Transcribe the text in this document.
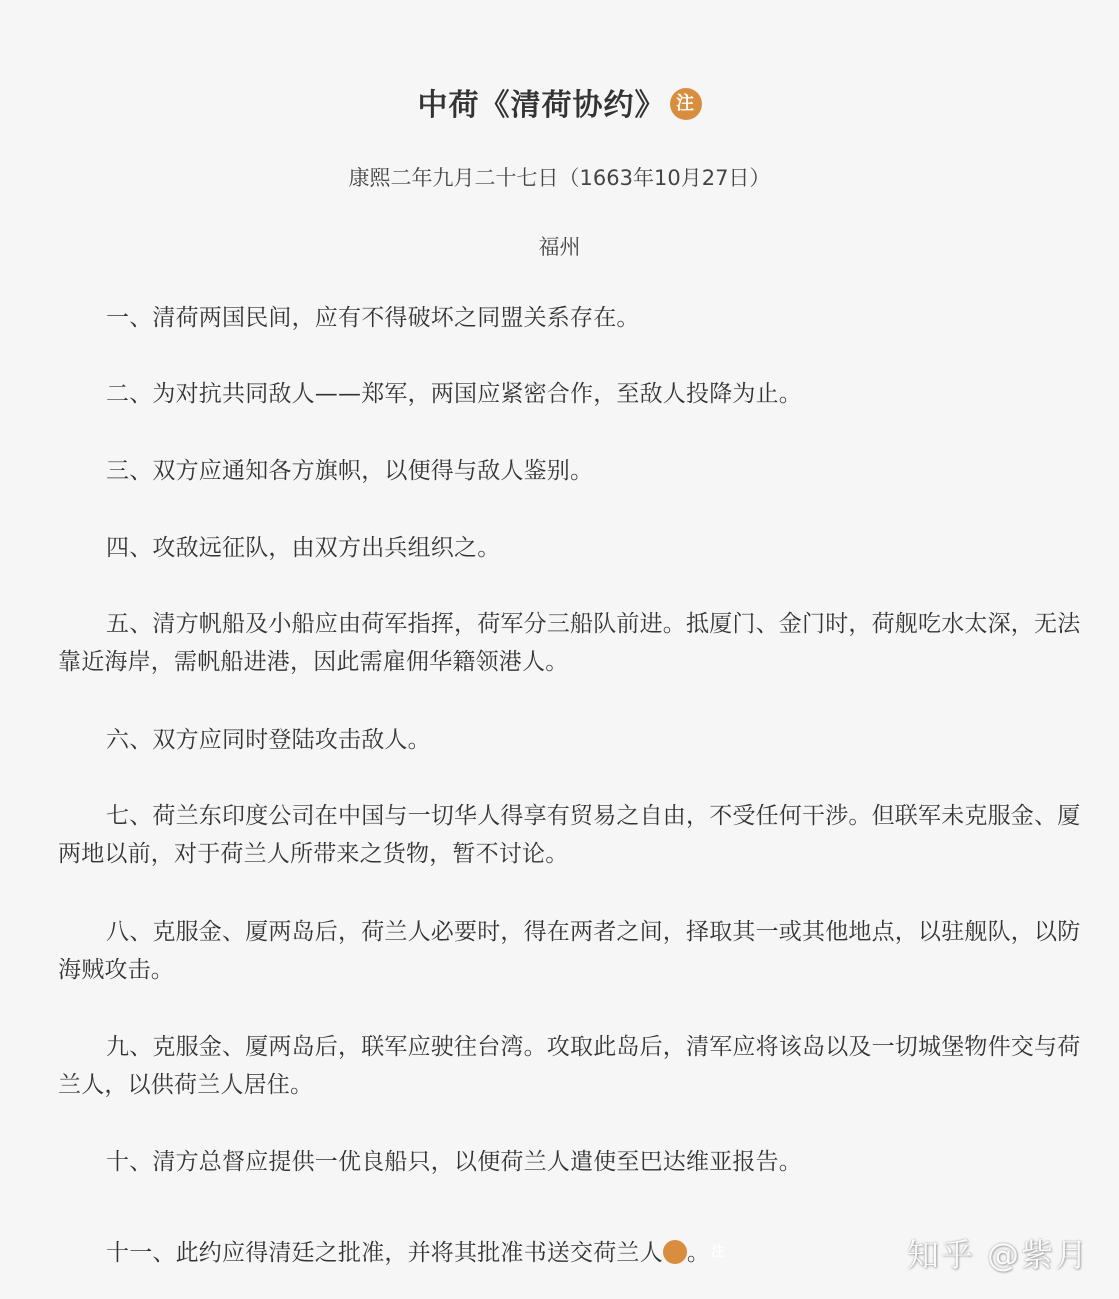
中荷《清荷协约》 注
康熙二年九月二十七日（1663年10月27日）
福州

一、清荷两国民间，应有不得破坏之同盟关系存在。

二、为对抗共同敌人——郑军，两国应紧密合作，至敌人投降为止。

三、双方应通知各方旗帜，以便得与敌人鉴别。

四、攻敌远征队，由双方出兵组织之。

五、清方帆船及小船应由荷军指挥，荷军分三船队前进。抵厦门、金门时，荷舰吃水太深，无法靠近海岸，需帆船进港，因此需雇佣华籍领港人。

六、双方应同时登陆攻击敌人。

七、荷兰东印度公司在中国与一切华人得享有贸易之自由，不受任何干涉。但联军未克服金、厦两地以前，对于荷兰人所带来之货物，暂不讨论。

八、克服金、厦两岛后，荷兰人必要时，得在两者之间，择取其一或其他地点，以驻舰队，以防海贼攻击。

九、克服金、厦两岛后，联军应驶往台湾。攻取此岛后，清军应将该岛以及一切城堡物件交与荷兰人，以供荷兰人居住。

十、清方总督应提供一优良船只，以便荷兰人遣使至巴达维亚报告。

十一、此约应得清廷之批准，并将其批准书送交荷兰人	注。	知乎 @紫月
